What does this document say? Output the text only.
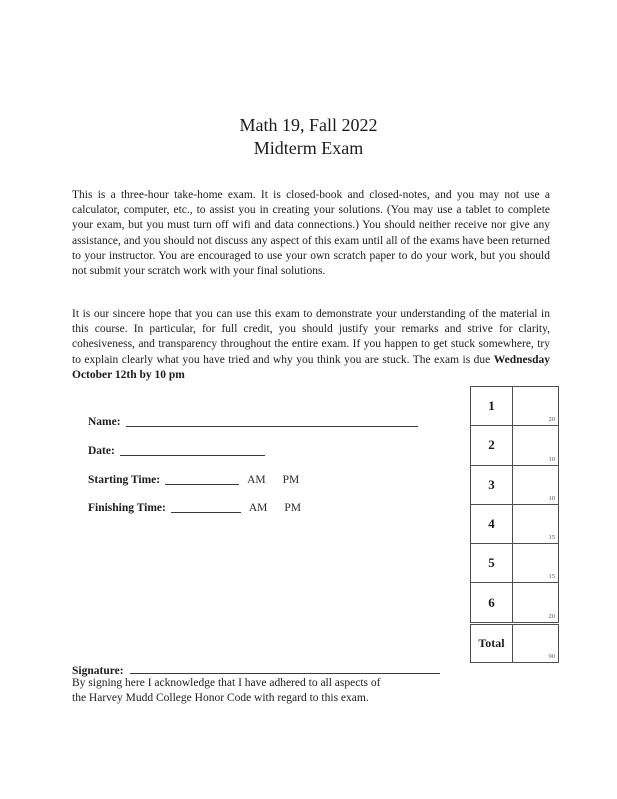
Math 19, Fall 2022
Midterm Exam

This is a three-hour take-home exam. It is closed-book and closed-notes, and you may not use a calculator, computer, etc., to assist you in creating your solutions. (You may use a tablet to complete your exam, but you must turn off wifi and data connections.) You should neither receive nor give any assistance, and you should not discuss any aspect of this exam until all of the exams have been returned to your instructor. You are encouraged to use your own scratch paper to do your work, but you should not submit your scratch work with your final solutions.

It is our sincere hope that you can use this exam to demonstrate your understanding of the material in this course. In particular, for full credit, you should justify your remarks and strive for clarity, cohesiveness, and transparency throughout the entire exam. If you happen to get stuck somewhere, try to explain clearly what you have tried and why you think you are stuck. The exam is due Wednesday October 12th by 10 pm

Name:
Date:
Starting Time:	AM PM
Finishing Time:	AM PM
1
20
2
10
3
10
4
15
5
15
6
20
Total
90
Signature:
By signing here I acknowledge that I have adhered to all aspects of
the Harvey Mudd College Honor Code with regard to this exam.
